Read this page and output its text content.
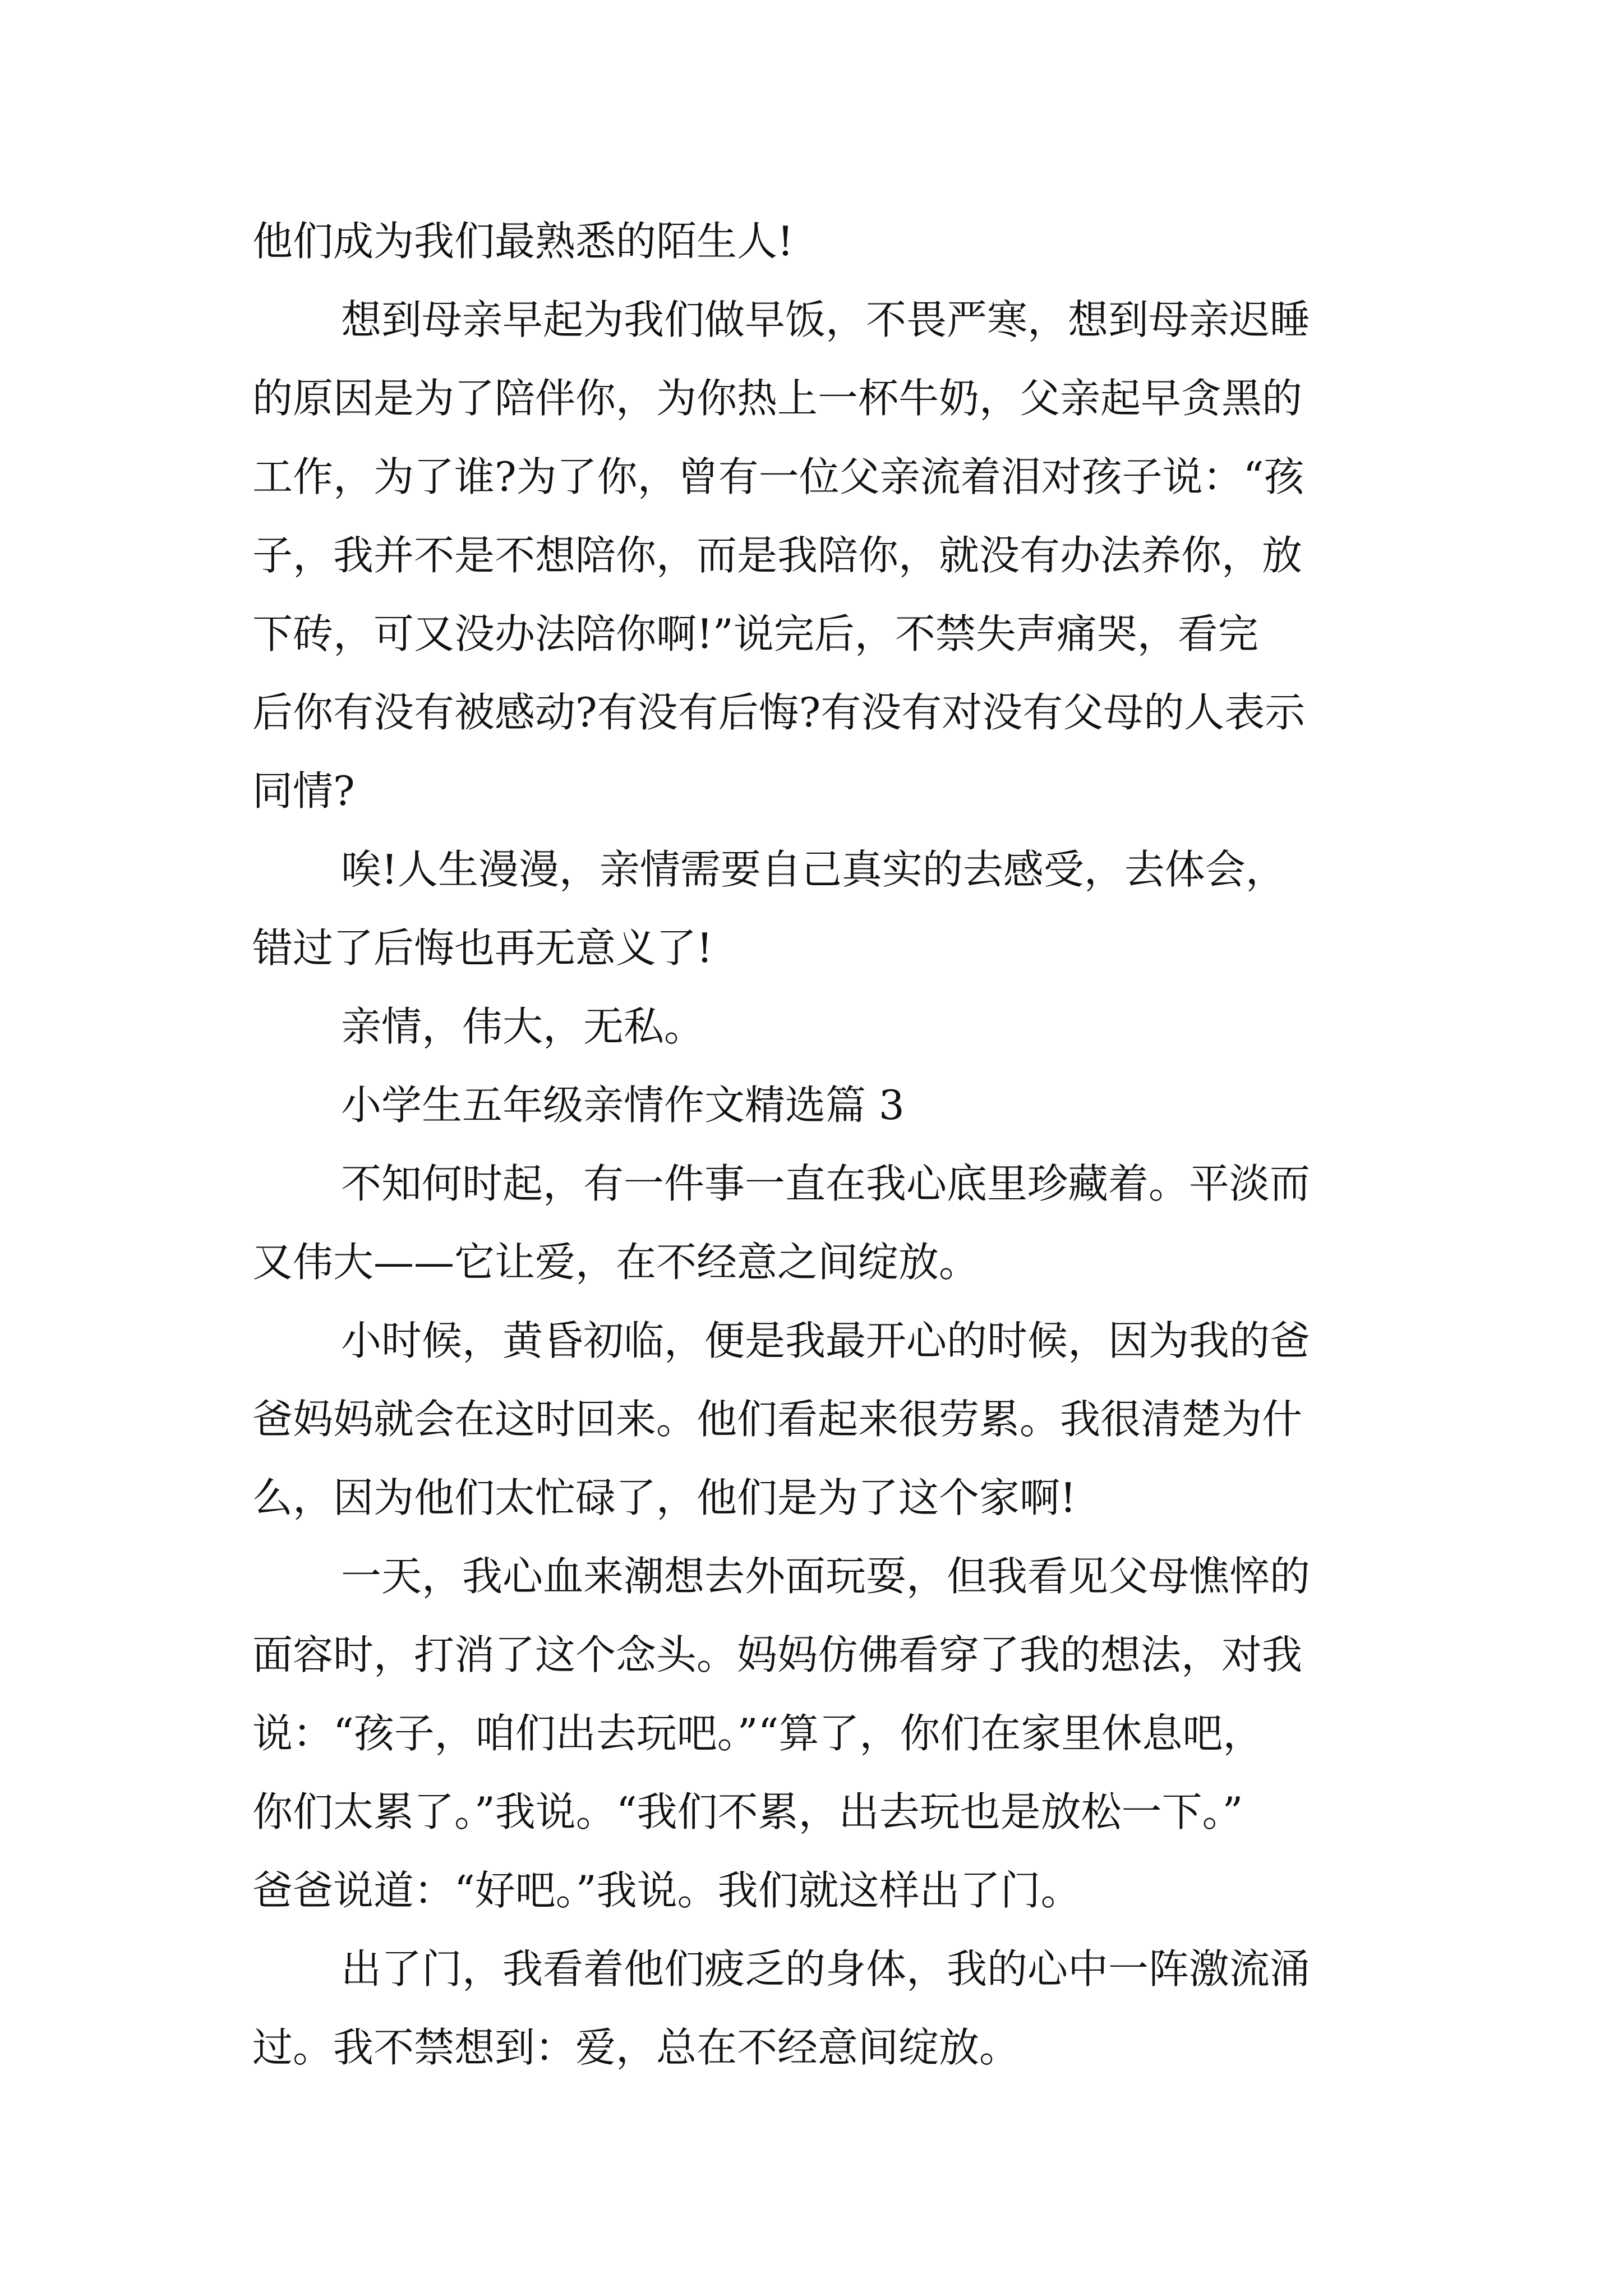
他们成为我们最熟悉的陌生人!
想到母亲早起为我们做早饭，不畏严寒，想到母亲迟睡
的原因是为了陪伴你，为你热上一杯牛奶，父亲起早贪黑的
工作，为了谁?为了你，曾有一位父亲流着泪对孩子说：“孩
子，我并不是不想陪你，而是我陪你，就没有办法养你，放
下砖，可又没办法陪你啊!”说完后，不禁失声痛哭，看完
后你有没有被感动?有没有后悔?有没有对没有父母的人表示
同情?
唉!人生漫漫，亲情需要自己真实的去感受，去体会，
错过了后悔也再无意义了!
亲情，伟大，无私。
小学生五年级亲情作文精选篇 3
不知何时起，有一件事一直在我心底里珍藏着。平淡而
又伟大——它让爱，在不经意之间绽放。
小时候，黄昏初临，便是我最开心的时候，因为我的爸
爸妈妈就会在这时回来。他们看起来很劳累。我很清楚为什
么，因为他们太忙碌了，他们是为了这个家啊!
一天，我心血来潮想去外面玩耍，但我看见父母憔悴的
面容时，打消了这个念头。妈妈仿佛看穿了我的想法，对我
说：“孩子，咱们出去玩吧。”“算了，你们在家里休息吧，
你们太累了。”我说。“我们不累，出去玩也是放松一下。”
爸爸说道：“好吧。”我说。我们就这样出了门。
出了门，我看着他们疲乏的身体，我的心中一阵激流涌
过。我不禁想到：爱，总在不经意间绽放。
